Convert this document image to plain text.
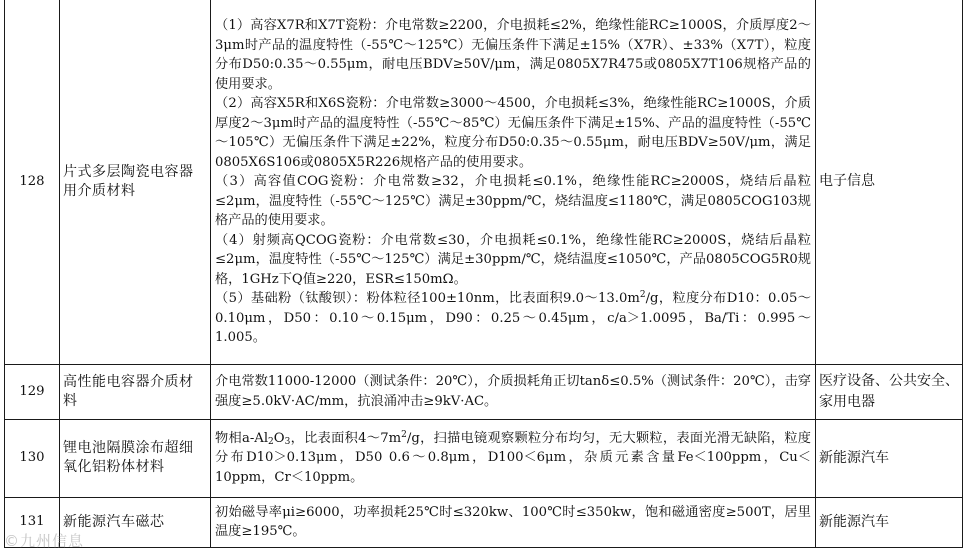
128	片式多层陶瓷电容器用介质材料	（1）高容X7R和X7T瓷粉：介电常数≥2200，介电损耗≤2%，绝缘性能RC≥1000S，介质厚度2～3μm时产品的温度特性（-55℃～125℃）无偏压条件下满足±15%（X7R）、±33%（X7T），粒度分布D50:0.35～0.55μm，耐电压BDV≥50V/μm，满足0805X7R475或0805X7T106规格产品的使用要求。

（2）高容X5R和X6S瓷粉：介电常数≥3000～4500，介电损耗≤3%，绝缘性能RC≥1000S，介质厚度2～3μm时产品的温度特性（-55℃～85℃）无偏压条件下满足±15%、产品的温度特性（-55℃～105℃）无偏压条件下满足±22%，粒度分布D50:0.35～0.55μm，耐电压BDV≥50V/μm，满足0805X6S106或0805X5R226规格产品的使用要求。

（3）高容值COG瓷粉：介电常数≥32，介电损耗≤0.1%，绝缘性能RC≥2000S，烧结后晶粒≤2μm，温度特性（-55℃～125℃）满足±30ppm/℃，烧结温度≤1180℃，满足0805COG103规格产品的使用要求。

（4）射频高QCOG瓷粉：介电常数≤30，介电损耗≤0.1%，绝缘性能RC≥2000S，烧结后晶粒≤2μm，温度特性（-55℃～125℃）满足±30ppm/℃，烧结温度≤1050℃，产品0805COG5R0规格，1GHz下Q值≥220，ESR≤150mΩ。

（5）基础粉（钛酸钡）：粉体粒径100±10nm，比表面积$9.0\sim 13.0m^2/g$，粒度分布D10：0.05～0.10μm，D50：0.10～0.15μm，D90：0.25～0.45μm，c/a＞1.0095，Ba/Ti：0.995～1.005。	电子信息
129	高性能电容器介质材料	介电常数11000-12000（测试条件：20℃），介质损耗角正切tanδ≤0.5%（测试条件：20℃），击穿强度≥5.0kV·AC/mm，抗浪涌冲击≥9kV·AC。	医疗设备、公共安全、家用电器
130	锂电池隔膜涂布超细氧化铝粉体材料	物相$a-Al_2O_3$，比表面积$4\sim 7m^2/g$，扫描电镜观察颗粒分布均匀，无大颗粒，表面光滑无缺陷，粒度分布D10＞0.13μm，D50 0.6～0.8μm，D100＜6μm，杂质元素含量Fe＜100ppm，Cu＜10ppm，Cr＜10ppm。	新能源汽车
131	新能源汽车磁芯	初始磁导率μi≥6000，功率损耗25℃时≤320kw、100℃时≤350kw，饱和磁通密度≥500T，居里温度≥195℃。	新能源汽车
©九州信息
